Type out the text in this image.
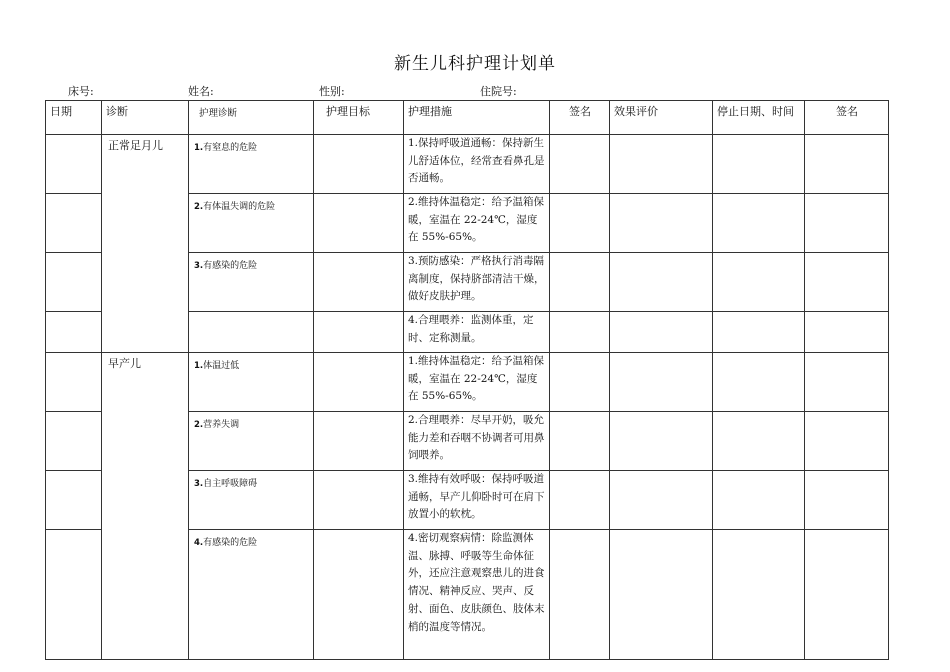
新生儿科护理计划单
床号:	姓名:	性别:	住院号:
日期	诊断	护理诊断	护理目标	护理措施	签名	效果评价	停止日期、时间	签名
	正常足月儿	1.有窒息的危险		1.保持呼吸道通畅：保持新生儿舒适体位，经常查看鼻孔是否通畅。				
		2.有体温失调的危险		2.维持体温稳定：给予温箱保暖，室温在 22-24℃，湿度在 55%-65%。				
		3.有感染的危险		3.预防感染：严格执行消毒隔离制度，保持脐部清洁干燥，做好皮肤护理。				
				4.合理喂养：监测体重，定时、定称测量。				
	早产儿	1.体温过低		1.维持体温稳定：给予温箱保暖，室温在 22-24℃，湿度在 55%-65%。				
		2.营养失调		2.合理喂养：尽早开奶，吸允能力差和吞咽不协调者可用鼻饲喂养。				
		3.自主呼吸障碍		3.维持有效呼吸：保持呼吸道通畅，早产儿仰卧时可在肩下放置小的软枕。				
		4.有感染的危险		4.密切观察病情：除监测体温、脉搏、呼吸等生命体征外，还应注意观察患儿的进食情况、精神反应、哭声、反射、面色、皮肤颜色、肢体末梢的温度等情况。				
